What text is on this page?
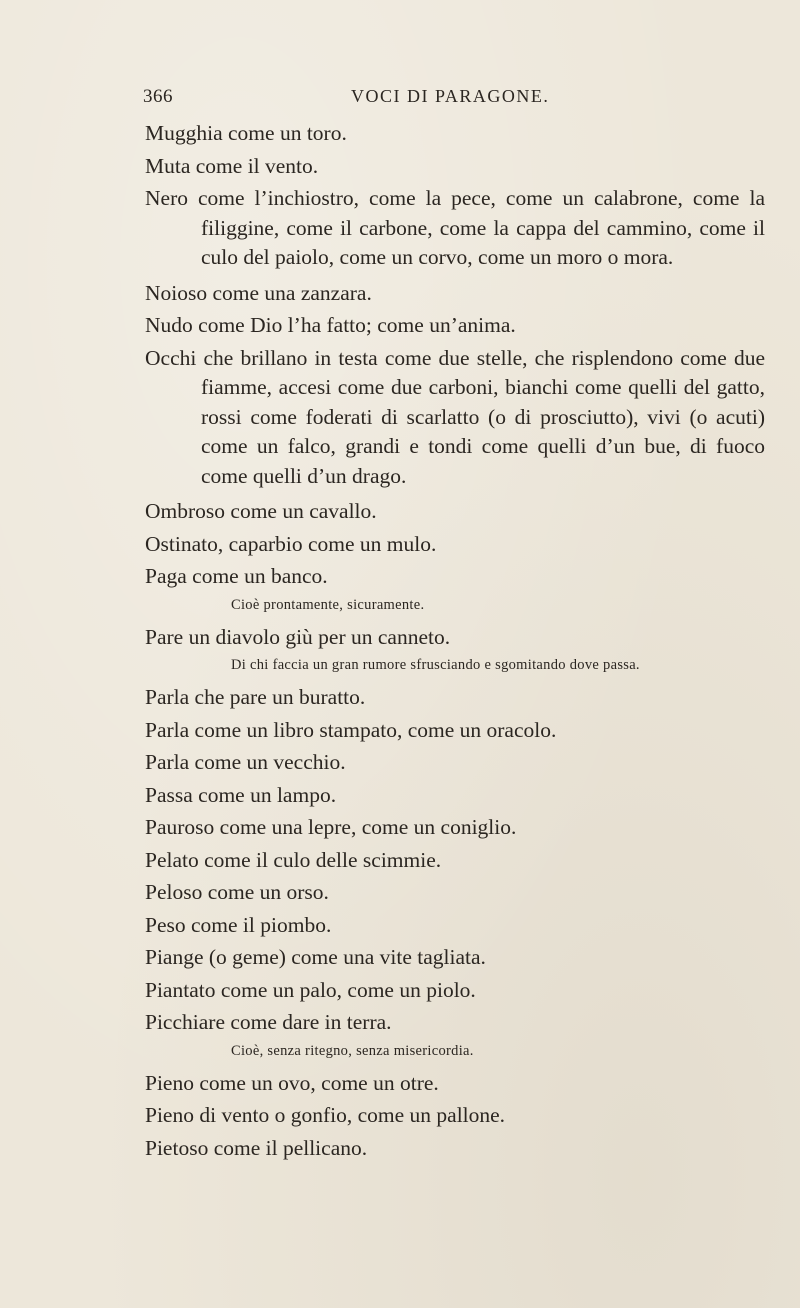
366	VOCI DI PARAGONE.

Mugghia come un toro.

Muta come il vento.

Nero come l’inchiostro, come la pece, come un calabrone, come la filiggine, come il carbone, come la cappa del cammino, come il culo del paiolo, come un corvo, come un moro o mora.

Noioso come una zanzara.

Nudo come Dio l’ha fatto; come un’anima.

Occhi che brillano in testa come due stelle, che risplendono come due fiamme, accesi come due carboni, bianchi come quelli del gatto, rossi come foderati di scarlatto (o di prosciutto), vivi (o acuti) come un falco, grandi e tondi come quelli d’un bue, di fuoco come quelli d’un drago.

Ombroso come un cavallo.

Ostinato, caparbio come un mulo.

Paga come un banco.

Cioè prontamente, sicuramente.

Pare un diavolo giù per un canneto.

Di chi faccia un gran rumore sfrusciando e sgomitando dove passa.

Parla che pare un buratto.

Parla come un libro stampato, come un oracolo.

Parla come un vecchio.

Passa come un lampo.

Pauroso come una lepre, come un coniglio.

Pelato come il culo delle scimmie.

Peloso come un orso.

Peso come il piombo.

Piange (o geme) come una vite tagliata.

Piantato come un palo, come un piolo.

Picchiare come dare in terra.

Cioè, senza ritegno, senza misericordia.

Pieno come un ovo, come un otre.

Pieno di vento o gonfio, come un pallone.

Pietoso come il pellicano.
